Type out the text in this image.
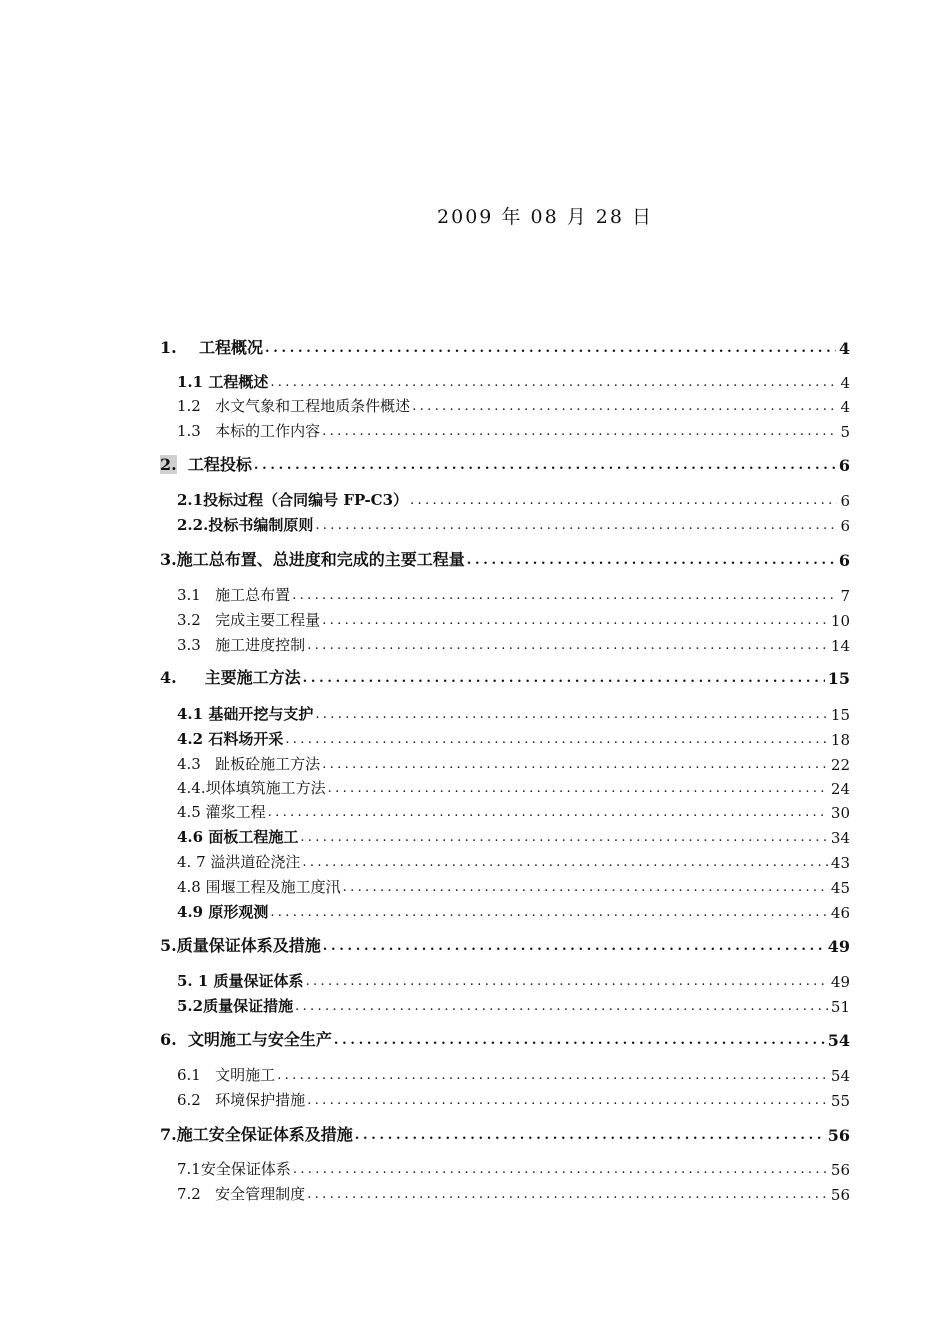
2009 年 08 月 28 日
1. 工程概况 . . .	4
1.1 工程概述 . . .	4
1.2 水文气象和工程地质条件概述 . . .	4
1.3 本标的工作内容 . . .	5
2. 工程投标 . . .	6
2.1投标过程（合同编号 FP-C3） . . .	6
2.2.投标书编制原则 . . .	6
3.施工总布置、总进度和完成的主要工程量 . . .	6
3.1 施工总布置 . . .	7
3.2 完成主要工程量 . . .	10
3.3 施工进度控制 . . .	14
4. 主要施工方法 . . .	15
4.1 基础开挖与支护 . . .	15
4.2 石料场开采 . . .	18
4.3 趾板砼施工方法 . . .	22
4.4.坝体填筑施工方法 . . .	24
4.5 灌浆工程 . . .	30
4.6 面板工程施工 . . .	34
4. 7 溢洪道砼浇注 . . .	43
4.8 围堰工程及施工度汛 . . .	45
4.9 原形观测 . . .	46
5.质量保证体系及措施 . . .	49
5. 1 质量保证体系 . . .	49
5.2质量保证措施 . . .	51
6. 文明施工与安全生产 . . .	54
6.1 文明施工 . . .	54
6.2 环境保护措施 . . .	55
7.施工安全保证体系及措施 . . .	56
7.1安全保证体系 . . .	56
7.2 安全管理制度 . . .	56
